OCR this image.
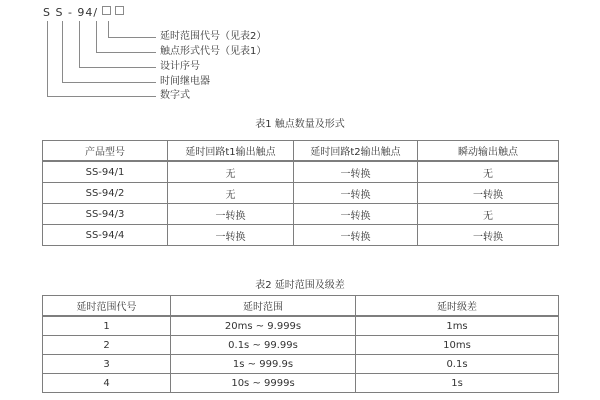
S S - 94/
延时范围代号（见表2）
触点形式代号（见表1）
设计序号
时间继电器
数字式
表1 触点数量及形式
产品型号	延时回路t1输出触点	延时回路t2输出触点	瞬动输出触点
SS-94/1	无	一转换	无
SS-94/2	无	一转换	一转换
SS-94/3	一转换	一转换	无
SS-94/4	一转换	一转换	一转换
表2 延时范围及级差
延时范围代号	延时范围	延时级差
1	20ms ~ 9.999s	1ms
2	0.1s ~ 99.99s	10ms
3	1s ~ 999.9s	0.1s
4	10s ~ 9999s	1s
